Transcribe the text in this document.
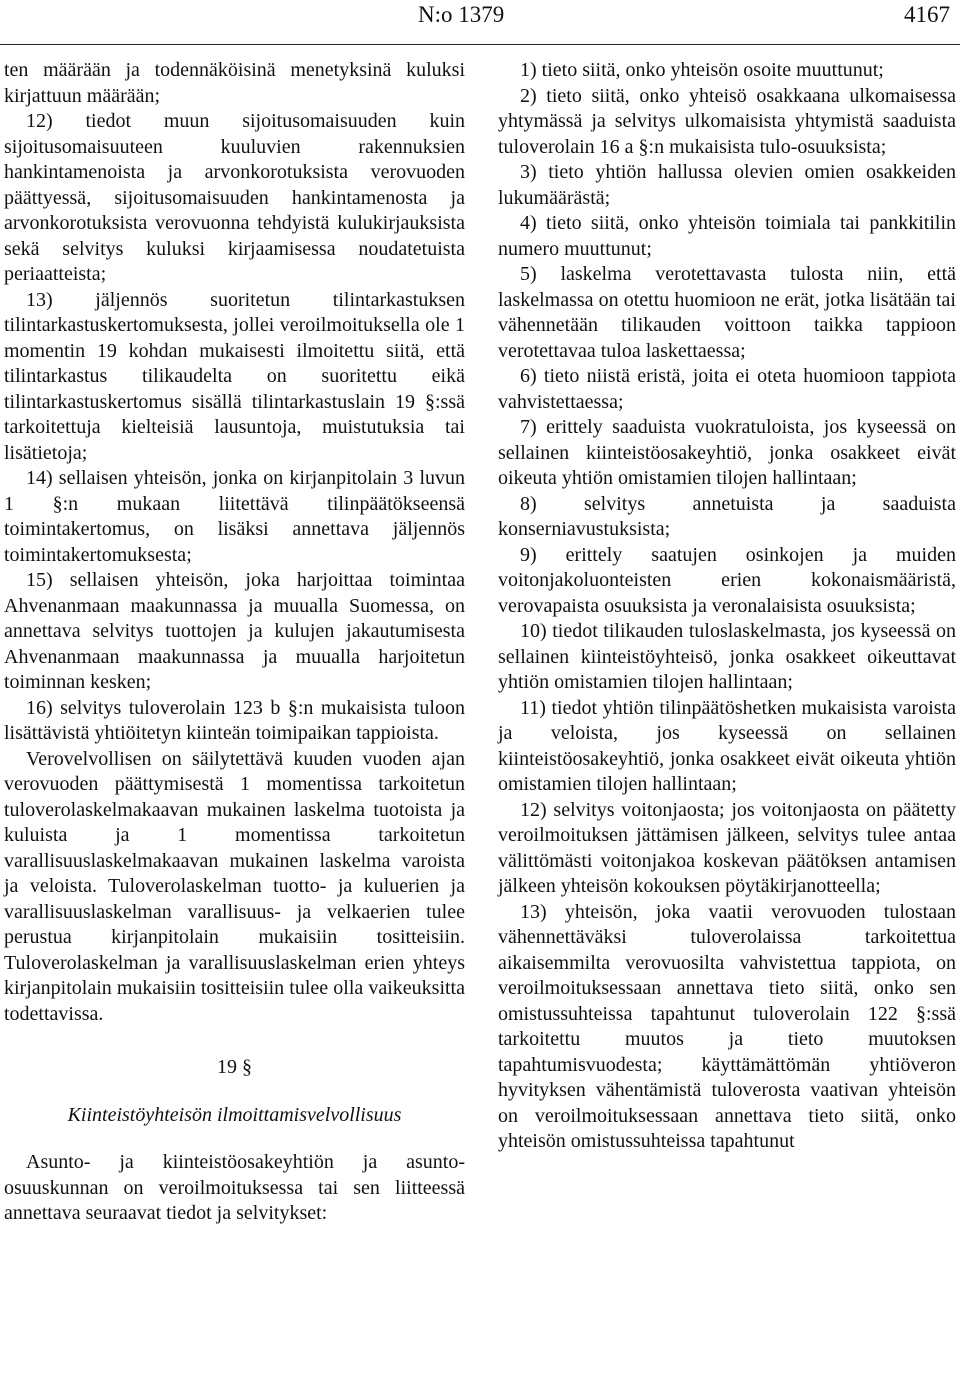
N:o 1379	4167

ten määrään ja todennäköisinä menetyksinä kuluksi kirjattuun määrään;

12) tiedot muun sijoitusomaisuuden kuin sijoitusomaisuuteen kuuluvien rakennuksien hankintamenoista ja arvonkorotuksista verovuoden päättyessä, sijoitusomaisuuden hankintamenosta ja arvonkorotuksista verovuonna tehdyistä kulukirjauksista sekä selvitys kuluksi kirjaamisessa noudatetuista periaatteista;

13) jäljennös suoritetun tilintarkastuksen tilintarkastuskertomuksesta, jollei veroilmoituksella ole 1 momentin 19 kohdan mukaisesti ilmoitettu siitä, että tilintarkastus tilikaudelta on suoritettu eikä tilintarkastuskertomus sisällä tilintarkastuslain 19 §:ssä tarkoitettuja kielteisiä lausuntoja, muistutuksia tai lisätietoja;

14) sellaisen yhteisön, jonka on kirjanpitolain 3 luvun 1 §:n mukaan liitettävä tilinpäätökseensä toimintakertomus, on lisäksi annettava jäljennös toimintakertomuksesta;

15) sellaisen yhteisön, joka harjoittaa toimintaa Ahvenanmaan maakunnassa ja muualla Suomessa, on annettava selvitys tuottojen ja kulujen jakautumisesta Ahvenanmaan maakunnassa ja muualla harjoitetun toiminnan kesken;

16) selvitys tuloverolain 123 b §:n mukaisista tuloon lisättävistä yhtiöitetyn kiinteän toimipaikan tappioista.

Verovelvollisen on säilytettävä kuuden vuoden ajan verovuoden päättymisestä 1 momentissa tarkoitetun tuloverolaskelmakaavan mukainen laskelma tuotoista ja kuluista ja 1 momentissa tarkoitetun varallisuuslaskelmakaavan mukainen laskelma varoista ja veloista. Tuloverolaskelman tuotto- ja kuluerien ja varallisuuslaskelman varallisuus- ja velkaerien tulee perustua kirjanpitolain mukaisiin tositteisiin. Tuloverolaskelman ja varallisuuslaskelman erien yhteys kirjanpitolain mukaisiin tositteisiin tulee olla vaikeuksitta todettavissa.

19 §

Kiinteistöyhteisön ilmoittamisvelvollisuus

Asunto- ja kiinteistöosakeyhtiön ja asunto-osuuskunnan on veroilmoituksessa tai sen liitteessä annettava seuraavat tiedot ja selvitykset:

1) tieto siitä, onko yhteisön osoite muuttunut;

2) tieto siitä, onko yhteisö osakkaana ulkomaisessa yhtymässä ja selvitys ulkomaisista yhtymistä saaduista tuloverolain 16 a §:n mukaisista tulo-osuuksista;

3) tieto yhtiön hallussa olevien omien osakkeiden lukumäärästä;

4) tieto siitä, onko yhteisön toimiala tai pankkitilin numero muuttunut;

5) laskelma verotettavasta tulosta niin, että laskelmassa on otettu huomioon ne erät, jotka lisätään tai vähennetään tilikauden voittoon taikka tappioon verotettavaa tuloa laskettaessa;

6) tieto niistä eristä, joita ei oteta huomioon tappiota vahvistettaessa;

7) erittely saaduista vuokratuloista, jos kyseessä on sellainen kiinteistöosakeyhtiö, jonka osakkeet eivät oikeuta yhtiön omistamien tilojen hallintaan;

8) selvitys annetuista ja saaduista konserniavustuksista;

9) erittely saatujen osinkojen ja muiden voitonjakoluonteisten erien kokonaismääristä, verovapaista osuuksista ja veronalaisista osuuksista;

10) tiedot tilikauden tuloslaskelmasta, jos kyseessä on sellainen kiinteistöyhteisö, jonka osakkeet oikeuttavat yhtiön omistamien tilojen hallintaan;

11) tiedot yhtiön tilinpäätöshetken mukaisista varoista ja veloista, jos kyseessä on sellainen kiinteistöosakeyhtiö, jonka osakkeet eivät oikeuta yhtiön omistamien tilojen hallintaan;

12) selvitys voitonjaosta; jos voitonjaosta on päätetty veroilmoituksen jättämisen jälkeen, selvitys tulee antaa välittömästi voitonjakoa koskevan päätöksen antamisen jälkeen yhteisön kokouksen pöytäkirjanotteella;

13) yhteisön, joka vaatii verovuoden tulostaan vähennettäväksi tuloverolaissa tarkoitettua aikaisemmilta verovuosilta vahvistettua tappiota, on veroilmoituksessaan annettava tieto siitä, onko sen omistussuhteissa tapahtunut tuloverolain 122 §:ssä tarkoitettu muutos ja tieto muutoksen tapahtumisvuodesta; käyttämättömän yhtiöveron hyvityksen vähentämistä tuloverosta vaativan yhteisön on veroilmoituksessaan annettava tieto siitä, onko yhteisön omistussuhteissa tapahtunut
